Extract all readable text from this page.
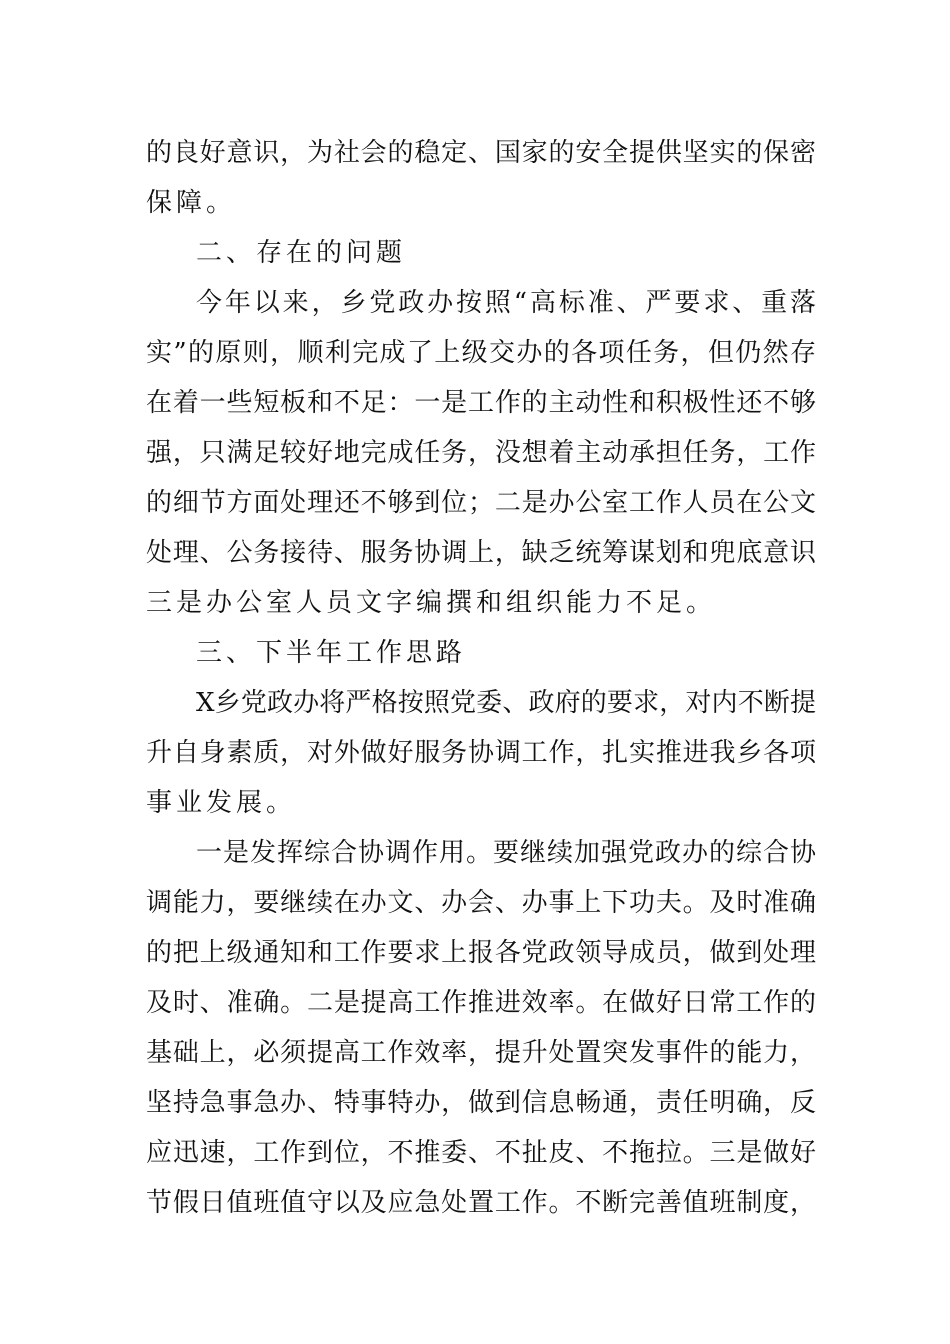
的良好意识，为社会的稳定、国家的安全提供坚实的保密
保障。
二、存在的问题
今年以来，乡党政办按照“高标准、严要求、重落
实”的原则，顺利完成了上级交办的各项任务，但仍然存
在着一些短板和不足：一是工作的主动性和积极性还不够
强，只满足较好地完成任务，没想着主动承担任务，工作
的细节方面处理还不够到位；二是办公室工作人员在公文
处理、公务接待、服务协调上，缺乏统筹谋划和兜底意识
三是办公室人员文字编撰和组织能力不足。
三、下半年工作思路
X乡党政办将严格按照党委、政府的要求，对内不断提
升自身素质，对外做好服务协调工作，扎实推进我乡各项
事业发展。
一是发挥综合协调作用。要继续加强党政办的综合协
调能力，要继续在办文、办会、办事上下功夫。及时准确
的把上级通知和工作要求上报各党政领导成员，做到处理
及时、准确。二是提高工作推进效率。在做好日常工作的
基础上，必须提高工作效率，提升处置突发事件的能力，
坚持急事急办、特事特办，做到信息畅通，责任明确，反
应迅速，工作到位，不推委、不扯皮、不拖拉。三是做好
节假日值班值守以及应急处置工作。不断完善值班制度，
